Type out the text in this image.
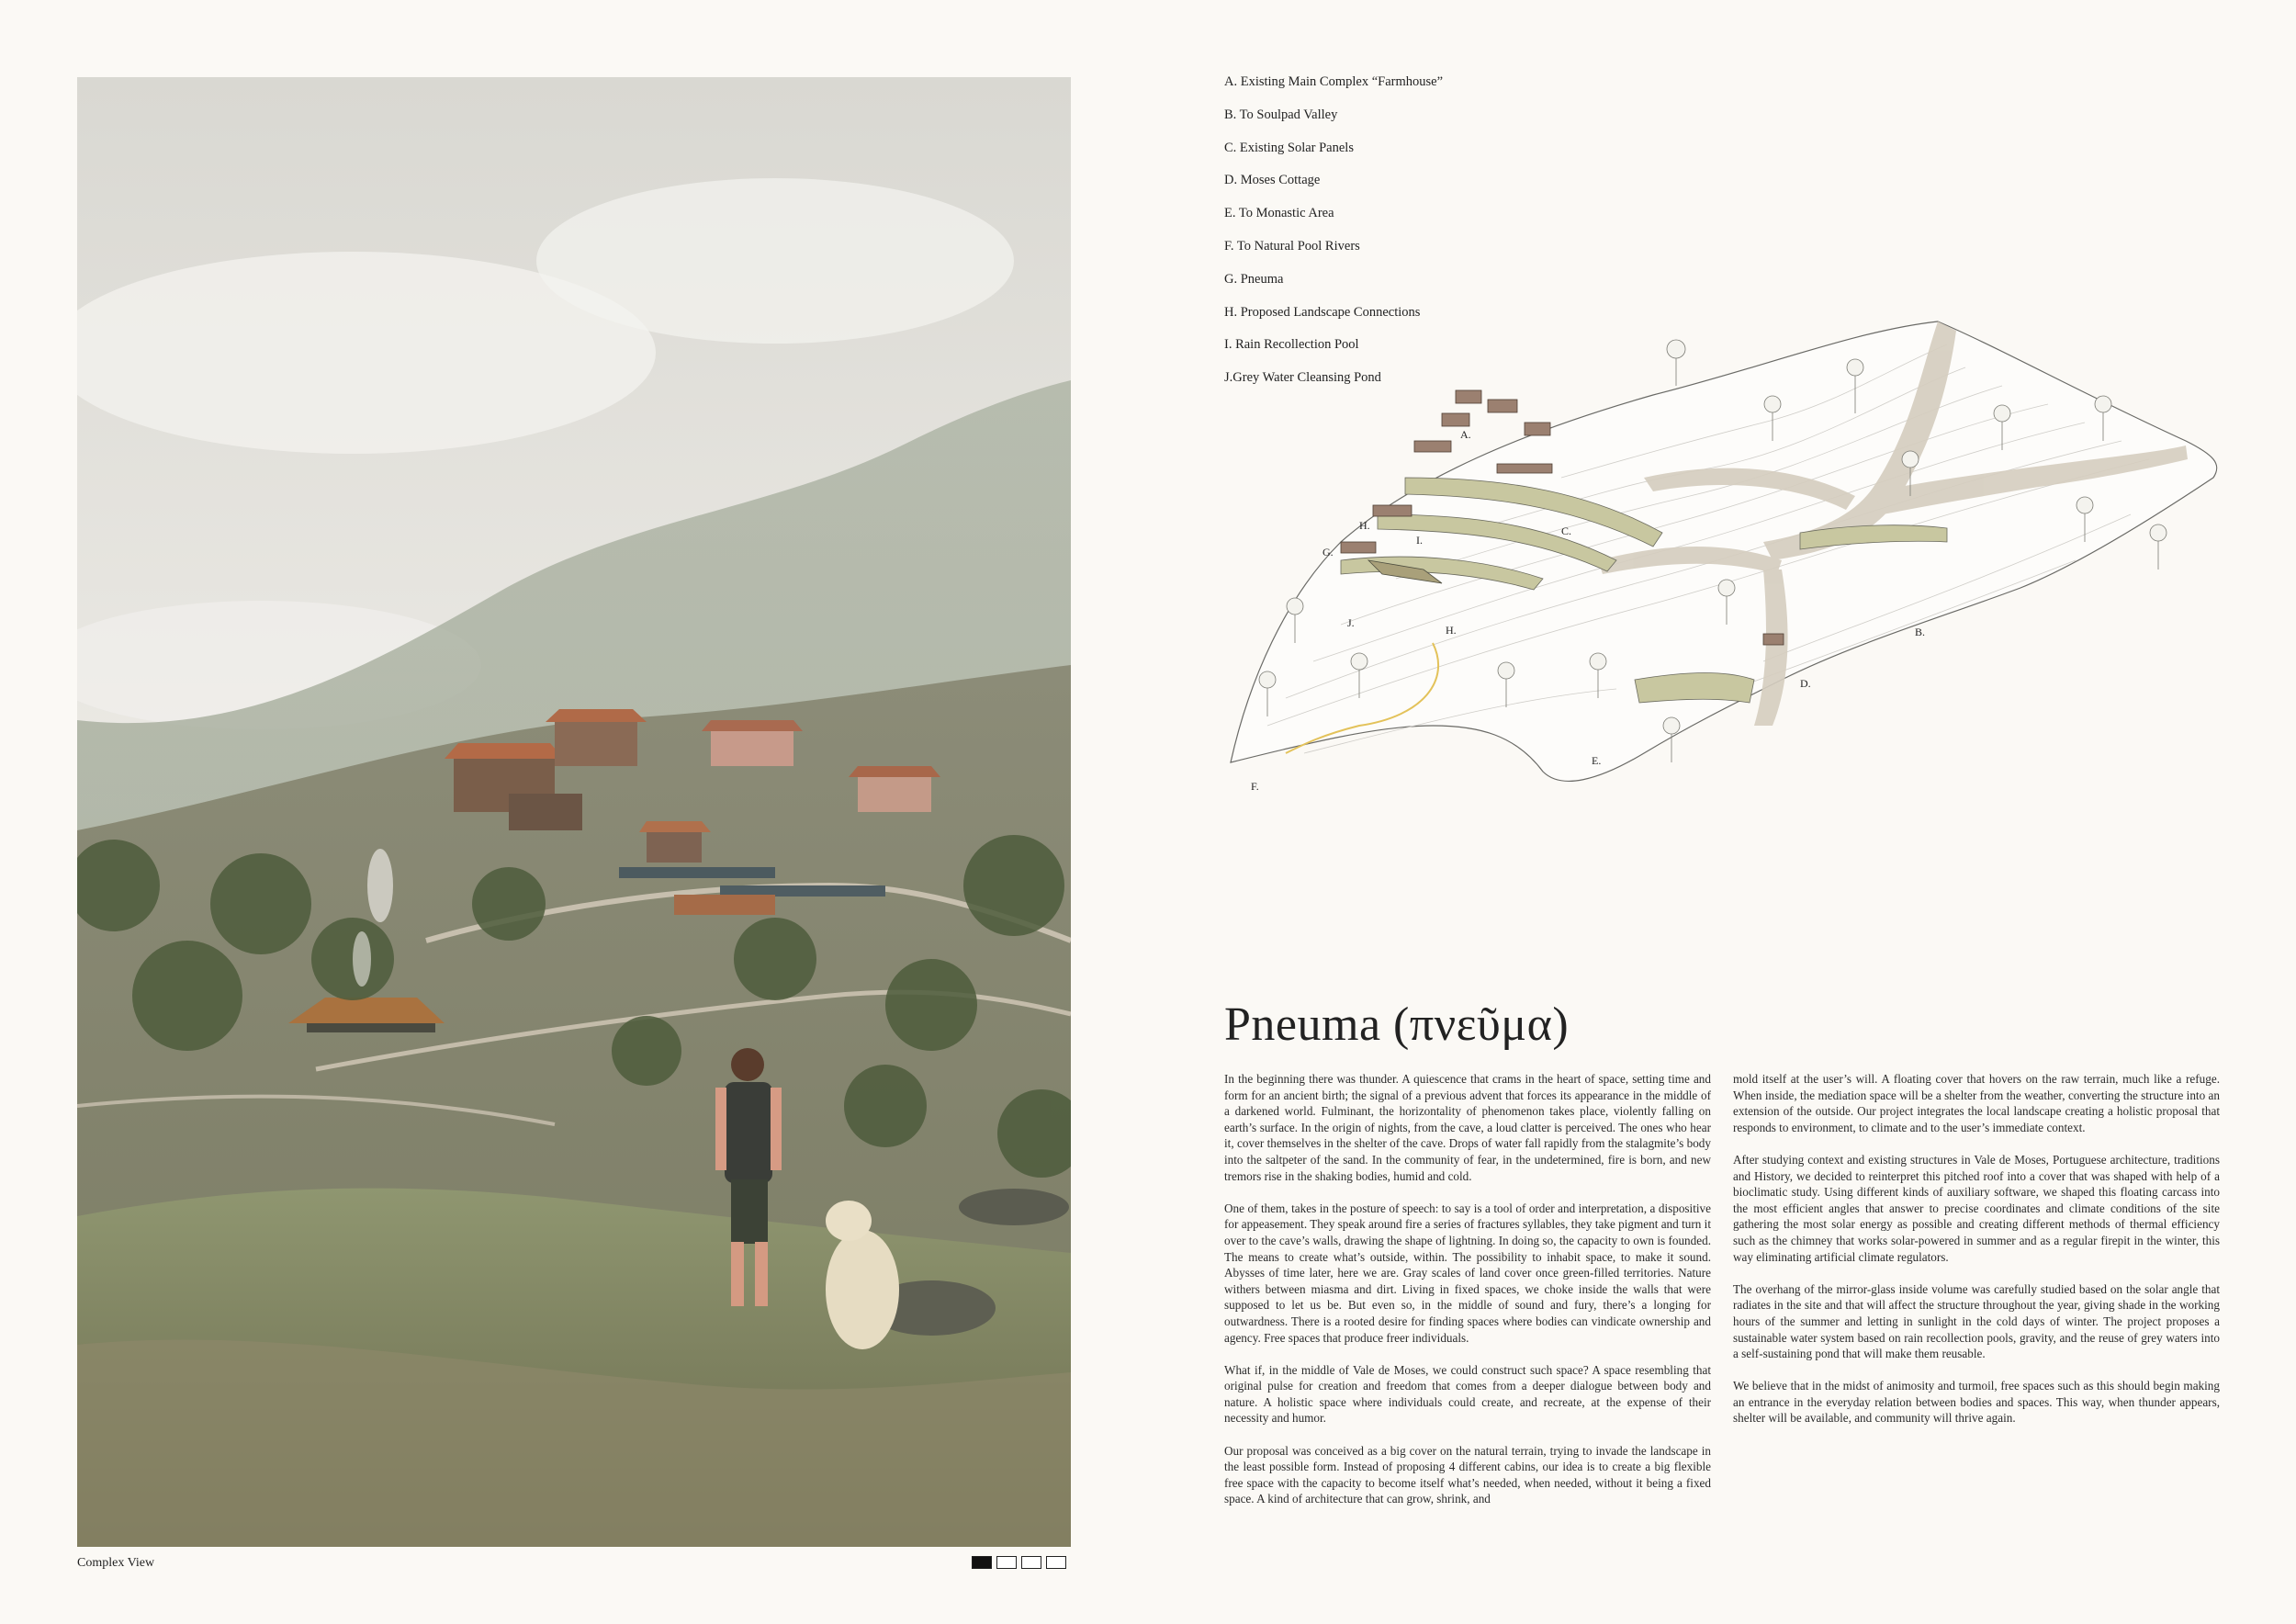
Complex View
A. Existing Main Complex “Farmhouse”
B. To Soulpad Valley
C. Existing Solar Panels
D. Moses Cottage
E. To Monastic Area
F. To Natural Pool Rivers
G. Pneuma
H. Proposed Landscape Connections
I. Rain Recollection Pool
J.Grey Water Cleansing Pond
A.
B.
C.
D.
E.
F.
G.
H.
H.
I.
J.
Pneuma (πνεῦμα)

In the beginning there was thunder. A quiescence that crams in the heart of space, setting time and form for an ancient birth; the signal of a previous advent that forces its appearance in the middle of a darkened world. Fulminant, the horizontality of phenomenon takes place, violently falling on earth’s surface. In the origin of nights, from the cave, a loud clatter is perceived. The ones who hear it, cover themselves in the shelter of the cave. Drops of water fall rapidly from the stalagmite’s body into the saltpeter of the sand. In the community of fear, in the undetermined, fire is born, and new tremors rise in the shaking bodies, humid and cold.

One of them, takes in the posture of speech: to say is a tool of order and interpretation, a dispositive for appeasement. They speak around fire a series of fractures syllables, they take pigment and turn it over to the cave’s walls, drawing the shape of lightning. In doing so, the capacity to own is founded. The means to create what’s outside, within. The possibility to inhabit space, to make it sound. Abysses of time later, here we are. Gray scales of land cover once green-filled territories. Nature withers between miasma and dirt. Living in fixed spaces, we choke inside the walls that were supposed to let us be. But even so, in the middle of sound and fury, there’s a longing for outwardness. There is a rooted desire for finding spaces where bodies can vindicate ownership and agency. Free spaces that produce freer individuals.

What if, in the middle of Vale de Moses, we could construct such space? A space resembling that original pulse for creation and freedom that comes from a deeper dialogue between body and nature. A holistic space where individuals could create, and recreate, at the expense of their necessity and humor.

Our proposal was conceived as a big cover on the natural terrain, trying to invade the landscape in the least possible form. Instead of proposing 4 different cabins, our idea is to create a big flexible free space with the capacity to become itself what’s needed, when needed, without it being a fixed space. A kind of architecture that can grow, shrink, and

mold itself at the user’s will. A floating cover that hovers on the raw terrain, much like a refuge. When inside, the mediation space will be a shelter from the weather, converting the structure into an extension of the outside. Our project integrates the local landscape creating a holistic proposal that responds to environment, to climate and to the user’s immediate context.

After studying context and existing structures in Vale de Moses, Portuguese architecture, traditions and History, we decided to reinterpret this pitched roof into a cover that was shaped with help of a bioclimatic study. Using different kinds of auxiliary software, we shaped this floating carcass into the most efficient angles that answer to precise coordinates and climate conditions of the site gathering the most solar energy as possible and creating different methods of thermal efficiency such as the chimney that works solar-powered in summer and as a regular firepit in the winter, this way eliminating artificial climate regulators.

The overhang of the mirror-glass inside volume was carefully studied based on the solar angle that radiates in the site and that will affect the structure throughout the year, giving shade in the working hours of the summer and letting in sunlight in the cold days of winter. The project proposes a sustainable water system based on rain recollection pools, gravity, and the reuse of grey waters into a self-sustaining pond that will make them reusable.

We believe that in the midst of animosity and turmoil, free spaces such as this should begin making an entrance in the everyday relation between bodies and spaces. This way, when thunder appears, shelter will be available, and community will thrive again.
